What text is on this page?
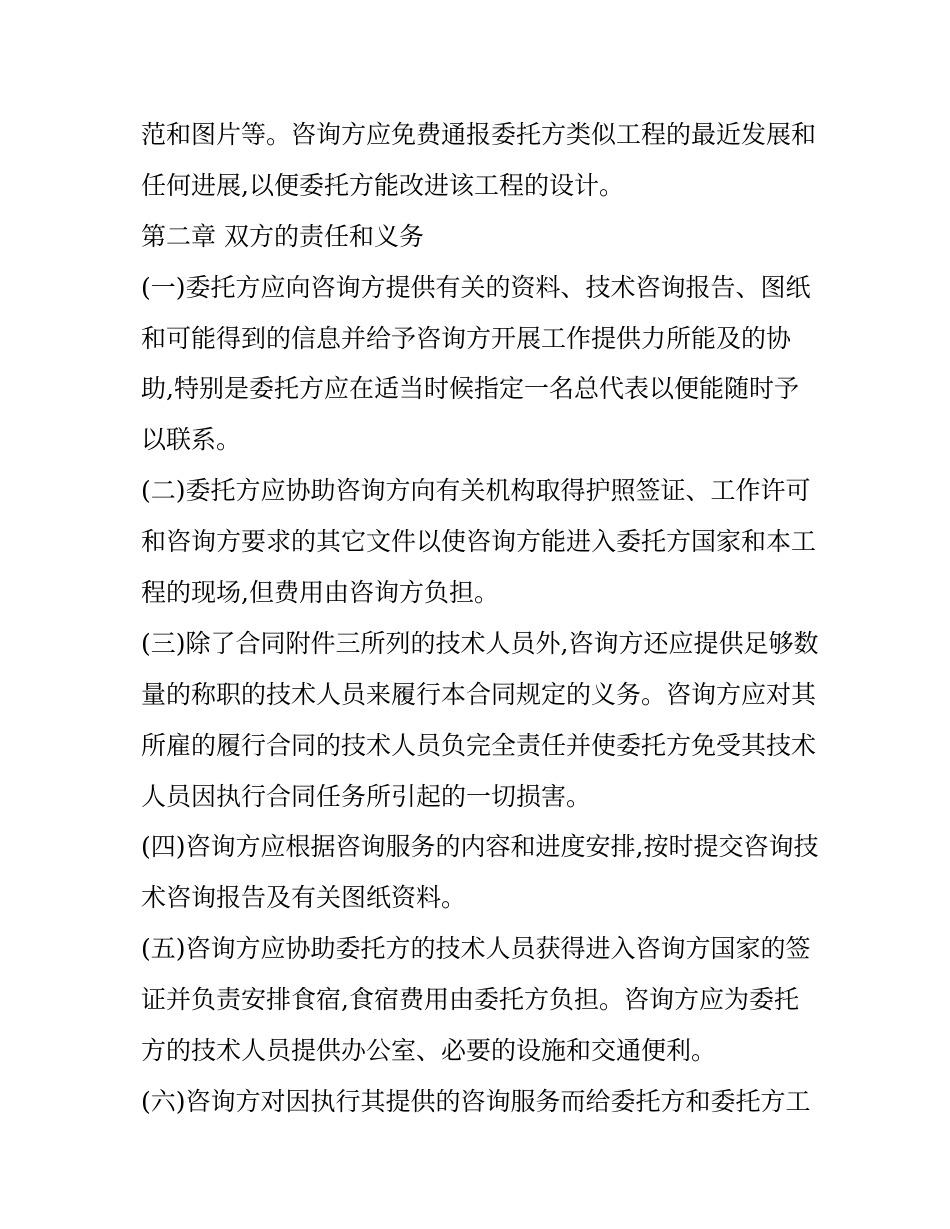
范和图片等。咨询方应免费通报委托方类似工程的最近发展和
任何进展,以便委托方能改进该工程的设计。
第二章 双方的责任和义务
(一)委托方应向咨询方提供有关的资料、技术咨询报告、图纸
和可能得到的信息并给予咨询方开展工作提供力所能及的协
助,特别是委托方应在适当时候指定一名总代表以便能随时予
以联系。
(二)委托方应协助咨询方向有关机构取得护照签证、工作许可
和咨询方要求的其它文件以使咨询方能进入委托方国家和本工
程的现场,但费用由咨询方负担。
(三)除了合同附件三所列的技术人员外,咨询方还应提供足够数
量的称职的技术人员来履行本合同规定的义务。咨询方应对其
所雇的履行合同的技术人员负完全责任并使委托方免受其技术
人员因执行合同任务所引起的一切损害。
(四)咨询方应根据咨询服务的内容和进度安排,按时提交咨询技
术咨询报告及有关图纸资料。
(五)咨询方应协助委托方的技术人员获得进入咨询方国家的签
证并负责安排食宿,食宿费用由委托方负担。咨询方应为委托
方的技术人员提供办公室、必要的设施和交通便利。
(六)咨询方对因执行其提供的咨询服务而给委托方和委托方工
